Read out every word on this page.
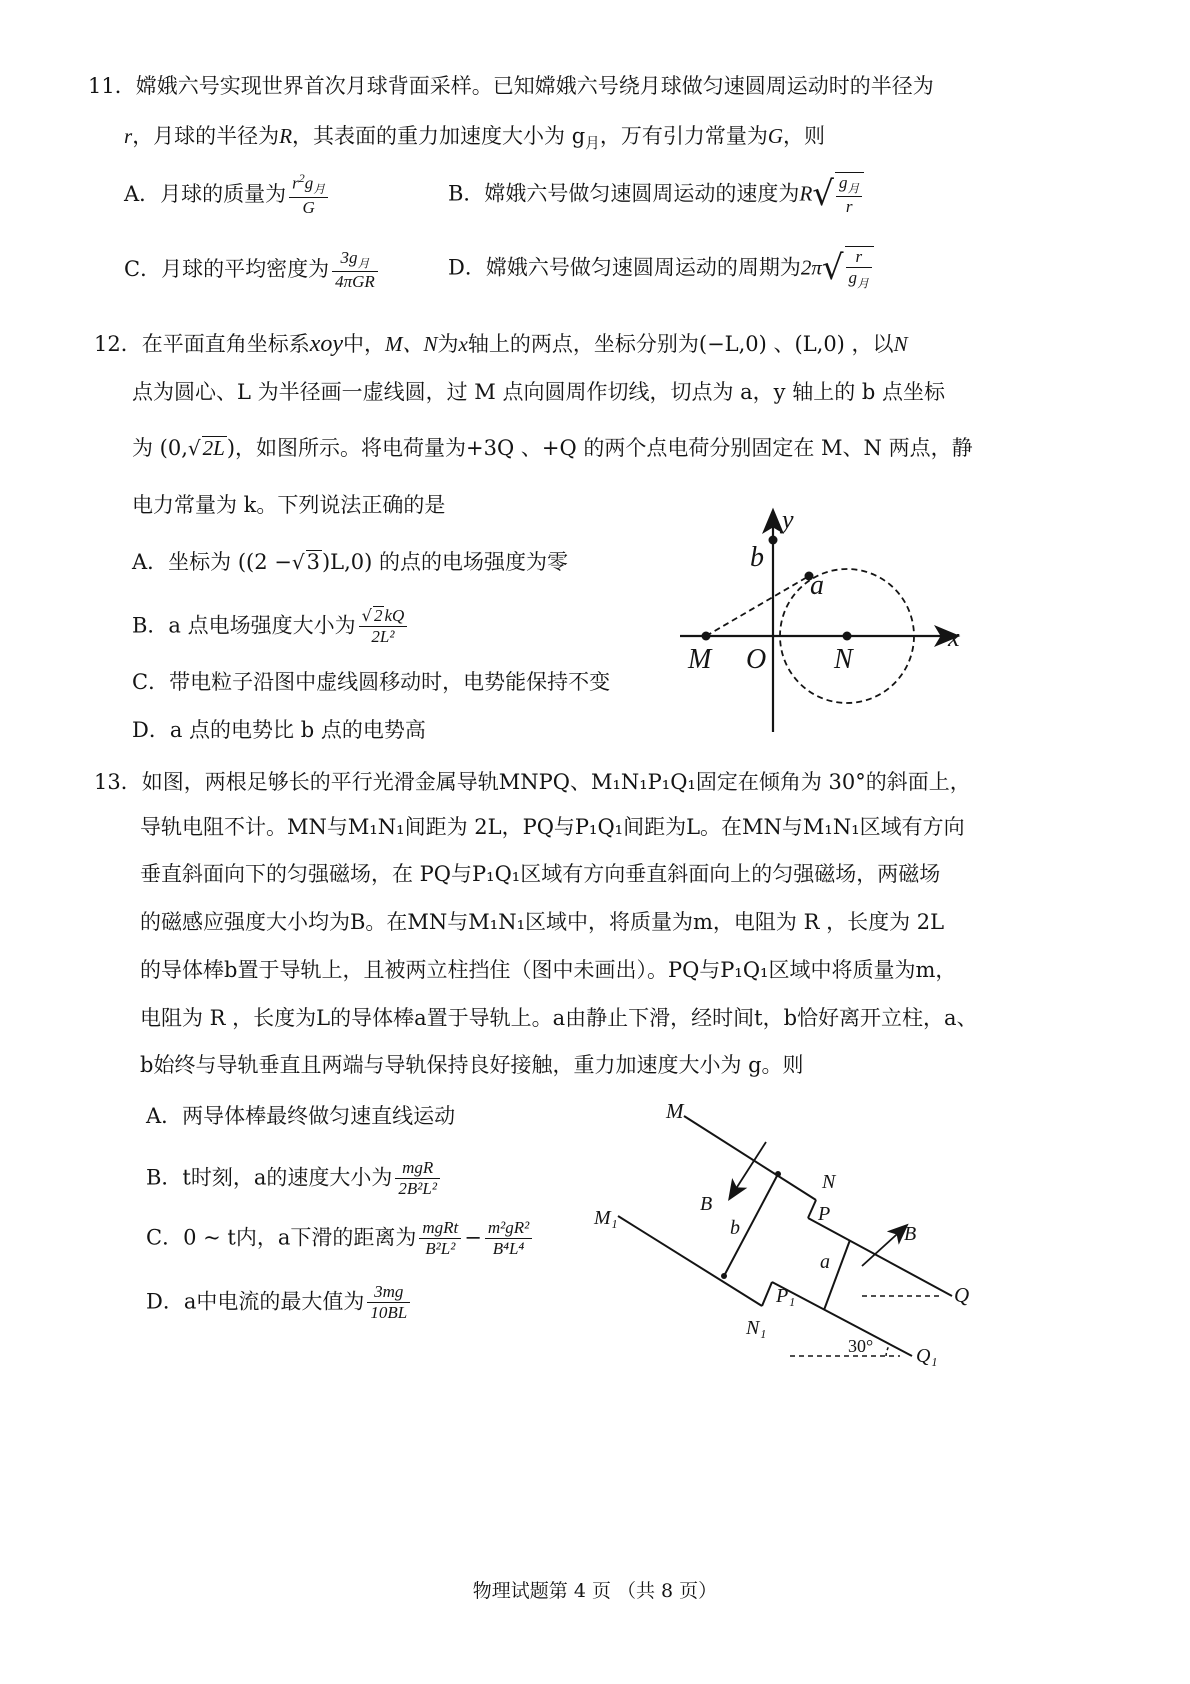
11．嫦娥六号实现世界首次月球背面采样。已知嫦娥六号绕月球做匀速圆周运动时的半径为
r，月球的半径为R，其表面的重力加速度大小为 $g_月$，万有引力常量为G，则
A．月球的质量为 $\frac{r^2g_月}{G}$	B．嫦娥六号做匀速圆周运动的速度为$R√ \frac{g_月}{r}$
C．月球的平均密度为 $\frac{3g_月}{\text{4πGR}}$	D．嫦娥六号做匀速圆周运动的周期为$2\pi√ \frac{r}{g_月}$
12．在平面直角坐标系xoy中，M、N为x轴上的两点，坐标分别为(−L,0) 、(L,0) ，以N
点为圆心、L 为半径画一虚线圆，过 M 点向圆周作切线，切点为 a，y 轴上的 b 点坐标
为 (0,√2L)，如图所示。将电荷量为+3Q 、+Q 的两个点电荷分别固定在 M、N 两点，静
电力常量为 k。下列说法正确的是
A．坐标为 ((2 −√3)L,0) 的点的电场强度为零
B．a 点电场强度大小为 $\frac{√ 2 kQ}{\text{2L²}}$
C．带电粒子沿图中虚线圆移动时，电势能保持不变
D．a 点的电势比 b 点的电势高
y
x
b
a
M O N
13．如图，两根足够长的平行光滑金属导轨MNPQ、M₁N₁P₁Q₁固定在倾角为 30°的斜面上，
导轨电阻不计。MN与M₁N₁间距为 2L，PQ与P₁Q₁间距为L。在MN与M₁N₁区域有方向
垂直斜面向下的匀强磁场，在 PQ与P₁Q₁区域有方向垂直斜面向上的匀强磁场，两磁场
的磁感应强度大小均为B。在MN与M₁N₁区域中，将质量为m，电阻为 R ，长度为 2L
的导体棒b置于导轨上，且被两立柱挡住（图中未画出）。PQ与P₁Q₁区域中将质量为m，
电阻为 R ，长度为L的导体棒a置于导轨上。a由静止下滑，经时间t，b恰好离开立柱，a、
b始终与导轨垂直且两端与导轨保持良好接触，重力加速度大小为 g。则
A．两导体棒最终做匀速直线运动
B．t时刻，a的速度大小为 $\frac{\text{mgR}}{\text{2B²L²}}$
C．0 ~ t内，a下滑的距离为 $\frac{\text{mgRt}}{\text{B²L²}} - \frac{\text{m²gR²}}{\text{B⁴L⁴}}$
D．a中电流的最大值为 $\frac{3mg}{10BL}$
M
N
P
Q
M₁
N₁
P₁
Q₁
B
B
b
a
30°
物理试题第 4 页 （共 8 页）
